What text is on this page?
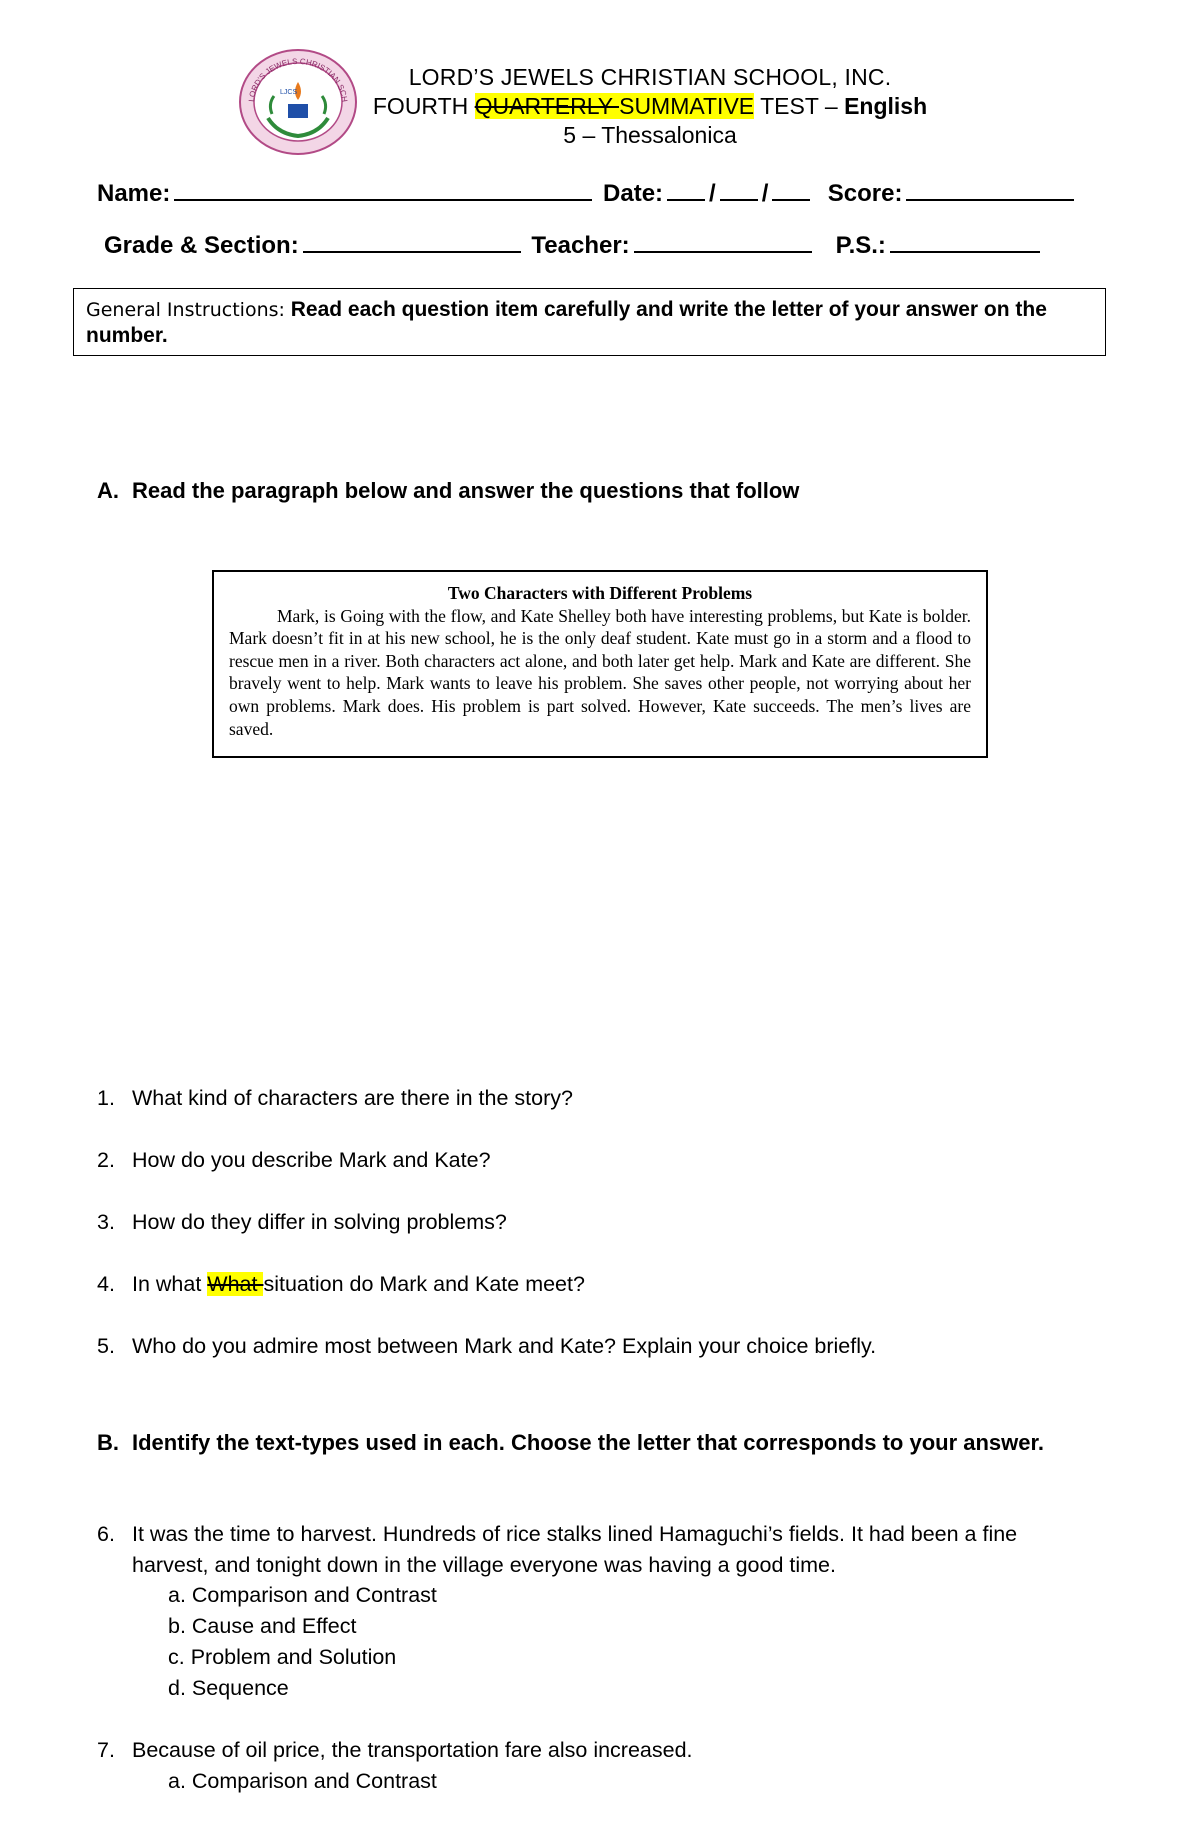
LORD'S JEWELS CHRISTIAN SCH
LJCS
LORD’S JEWELS CHRISTIAN SCHOOL, INC.
FOURTH QUARTERLY SUMMATIVE TEST – English
5 – Thessalonica
Name:	Date: / / Score:
Grade & Section:	Teacher:	P.S.:
General Instructions: Read each question item carefully and write the letter of your answer on the number.
A. Read the paragraph below and answer the questions that follow
Two Characters with Different Problems
Mark, is Going with the flow, and Kate Shelley both have interesting problems, but Kate is bolder. Mark doesn’t fit in at his new school, he is the only deaf student. Kate must go in a storm and a flood to rescue men in a river. Both characters act alone, and both later get help. Mark and Kate are different. She bravely went to help. Mark wants to leave his problem. She saves other people, not worrying about her own problems. Mark does. His problem is part solved. However, Kate succeeds. The men’s lives are saved.
1. What kind of characters are there in the story?
2. How do you describe Mark and Kate?
3. How do they differ in solving problems?
4. In what What situation do Mark and Kate meet?
5. Who do you admire most between Mark and Kate? Explain your choice briefly.
B. Identify the text-types used in each. Choose the letter that corresponds to your answer.
6. It was the time to harvest. Hundreds of rice stalks lined Hamaguchi’s fields. It had been a fine harvest, and tonight down in the village everyone was having a good time.
a. Comparison and Contrast
b. Cause and Effect
c. Problem and Solution
d. Sequence
7. Because of oil price, the transportation fare also increased.
a. Comparison and Contrast
